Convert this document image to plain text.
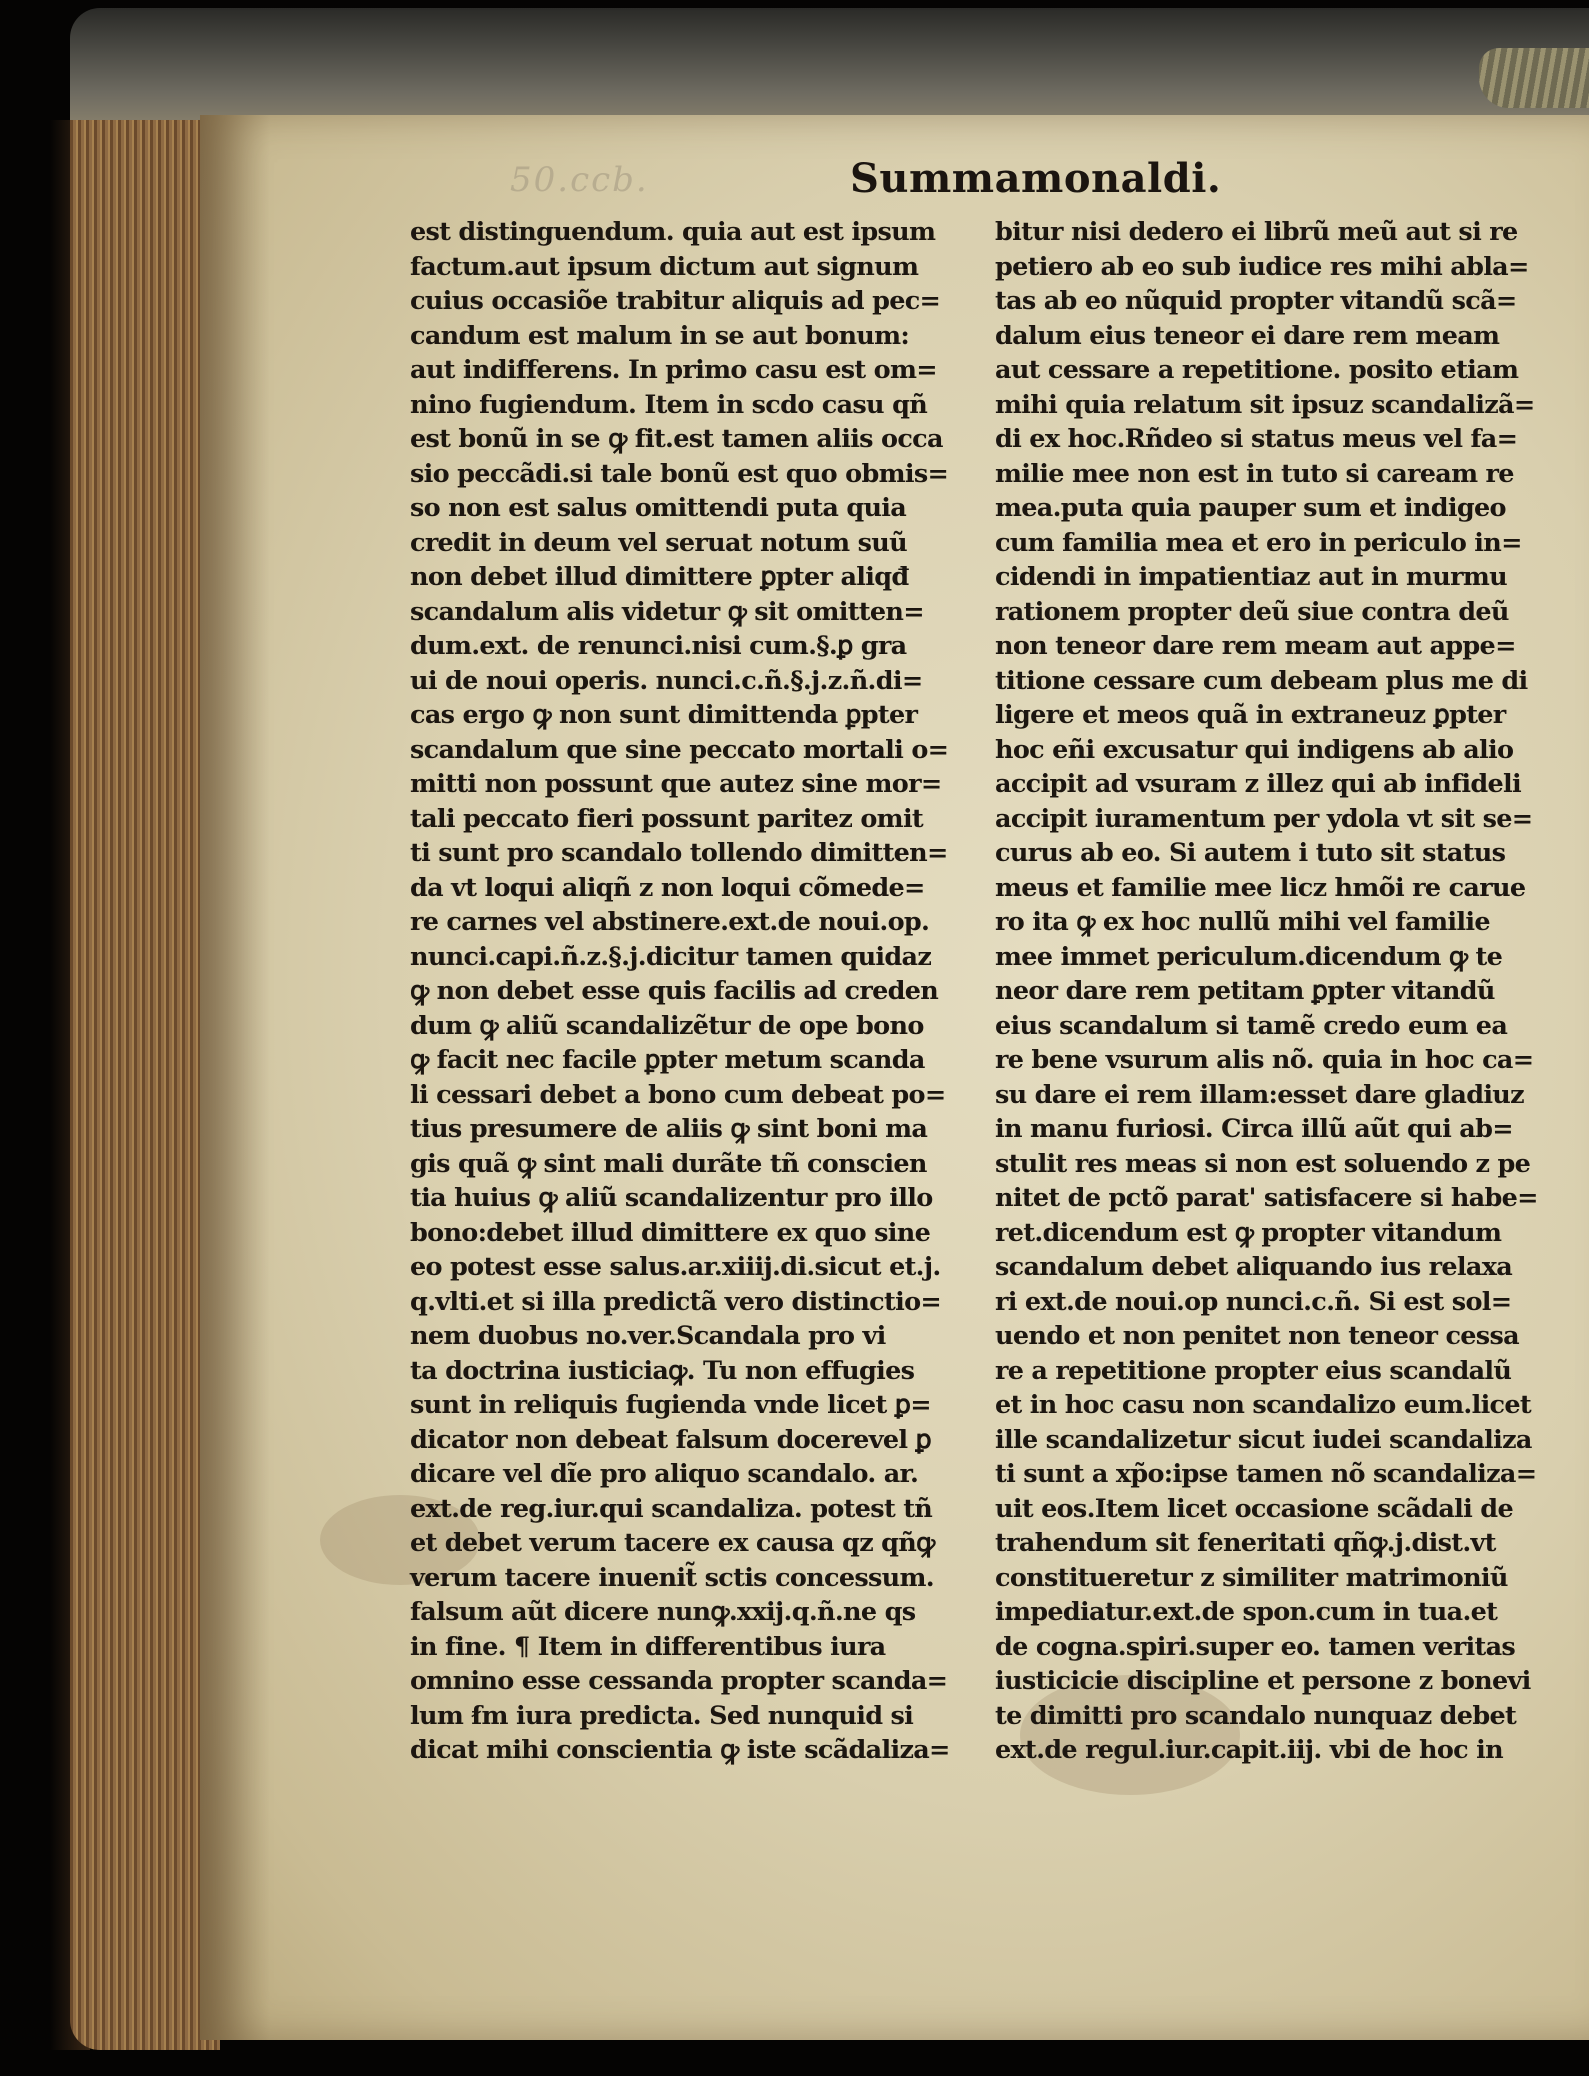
50.ccb.	Summamonaldi.
est distinguendum. quia aut est ipsum
factum.aut ipsum dictum aut signum
cuius occasiõe trabitur aliquis ad pec=
candum est malum in se aut bonum:
aut indifferens. In primo casu est om=
nino fugiendum. Item in scdo casu qñ
est bonũ in se ꝙ fit.est tamen aliis occa
sio peccãdi.si tale bonũ est quo obmis=
so non est salus omittendi puta quia
credit in deum vel seruat notum suũ
non debet illud dimittere ꝑpter aliqđ
scandalum alis videtur ꝙ sit omitten=
dum.ext. de renunci.nisi cum.§.ꝑ gra
ui de noui operis. nunci.c.ñ.§.j.z.ñ.di=
cas ergo ꝙ non sunt dimittenda ꝑpter
scandalum que sine peccato mortali o=
mitti non possunt que autez sine mor=
tali peccato fieri possunt paritez omit
ti sunt pro scandalo tollendo dimitten=
da vt loqui aliqñ z non loqui cõmede=
re carnes vel abstinere.ext.de noui.op.
nunci.capi.ñ.z.§.j.dicitur tamen quidaz
ꝙ non debet esse quis facilis ad creden
dum ꝙ aliũ scandalizẽtur de ope bono
ꝙ facit nec facile ꝑpter metum scanda
li cessari debet a bono cum debeat po=
tius presumere de aliis ꝙ sint boni ma
gis quã ꝙ sint mali durãte tñ conscien
tia huius ꝙ aliũ scandalizentur pro illo
bono:debet illud dimittere ex quo sine
eo potest esse salus.ar.xiiij.di.sicut et.j.
q.vlti.et si illa predictã vero distinctio=
nem duobus no.ver.Scandala pro vi
ta doctrina iusticiaꝙ. Tu non effugies
sunt in reliquis fugienda vnde licet ꝑ=
dicator non debeat falsum docerevel ꝑ
dicare vel dĩe pro aliquo scandalo. ar.
ext.de reg.iur.qui scandaliza. potest tñ
et debet verum tacere ex causa qz qñꝙ
verum tacere inuenit̃ sctis concessum.
falsum aũt dicere nunꝙ.xxij.q.ñ.ne qs
in fine. ¶ Item in differentibus iura
omnino esse cessanda propter scanda=
lum ẜm iura predicta. Sed nunquid si
dicat mihi conscientia ꝙ iste scãdaliza=
bitur nisi dedero ei librũ meũ aut si re
petiero ab eo sub iudice res mihi abla=
tas ab eo nũquid propter vitandũ scã=
dalum eius teneor ei dare rem meam
aut cessare a repetitione. posito etiam
mihi quia relatum sit ipsuz scandalizã=
di ex hoc.Rñdeo si status meus vel fa=
milie mee non est in tuto si caream re
mea.puta quia pauper sum et indigeo
cum familia mea et ero in periculo in=
cidendi in impatientiaz aut in murmu
rationem propter deũ siue contra deũ
non teneor dare rem meam aut appe=
titione cessare cum debeam plus me di
ligere et meos quã in extraneuz ꝑpter
hoc eñi excusatur qui indigens ab alio
accipit ad vsuram z illez qui ab infideli
accipit iuramentum per ydola vt sit se=
curus ab eo. Si autem i tuto sit status
meus et familie mee licz hmõi re carue
ro ita ꝙ ex hoc nullũ mihi vel familie
mee immet periculum.dicendum ꝙ te
neor dare rem petitam ꝑpter vitandũ
eius scandalum si tamẽ credo eum ea
re bene vsurum alis nõ. quia in hoc ca=
su dare ei rem illam:esset dare gladiuz
in manu furiosi. Circa illũ aũt qui ab=
stulit res meas si non est soluendo z pe
nitet de pctõ parat' satisfacere si habe=
ret.dicendum est ꝙ propter vitandum
scandalum debet aliquando ius relaxa
ri ext.de noui.op nunci.c.ñ. Si est sol=
uendo et non penitet non teneor cessa
re a repetitione propter eius scandalũ
et in hoc casu non scandalizo eum.licet
ille scandalizetur sicut iudei scandaliza
ti sunt a xp̃o:ipse tamen nõ scandaliza=
uit eos.Item licet occasione scãdali de
trahendum sit feneritati qñꝙ.j.dist.vt
constitueretur z similiter matrimoniũ
impediatur.ext.de spon.cum in tua.et
de cogna.spiri.super eo. tamen veritas
iusticicie discipline et persone z bonevi
te dimitti pro scandalo nunquaz debet
ext.de regul.iur.capit.iij. vbi de hoc in
